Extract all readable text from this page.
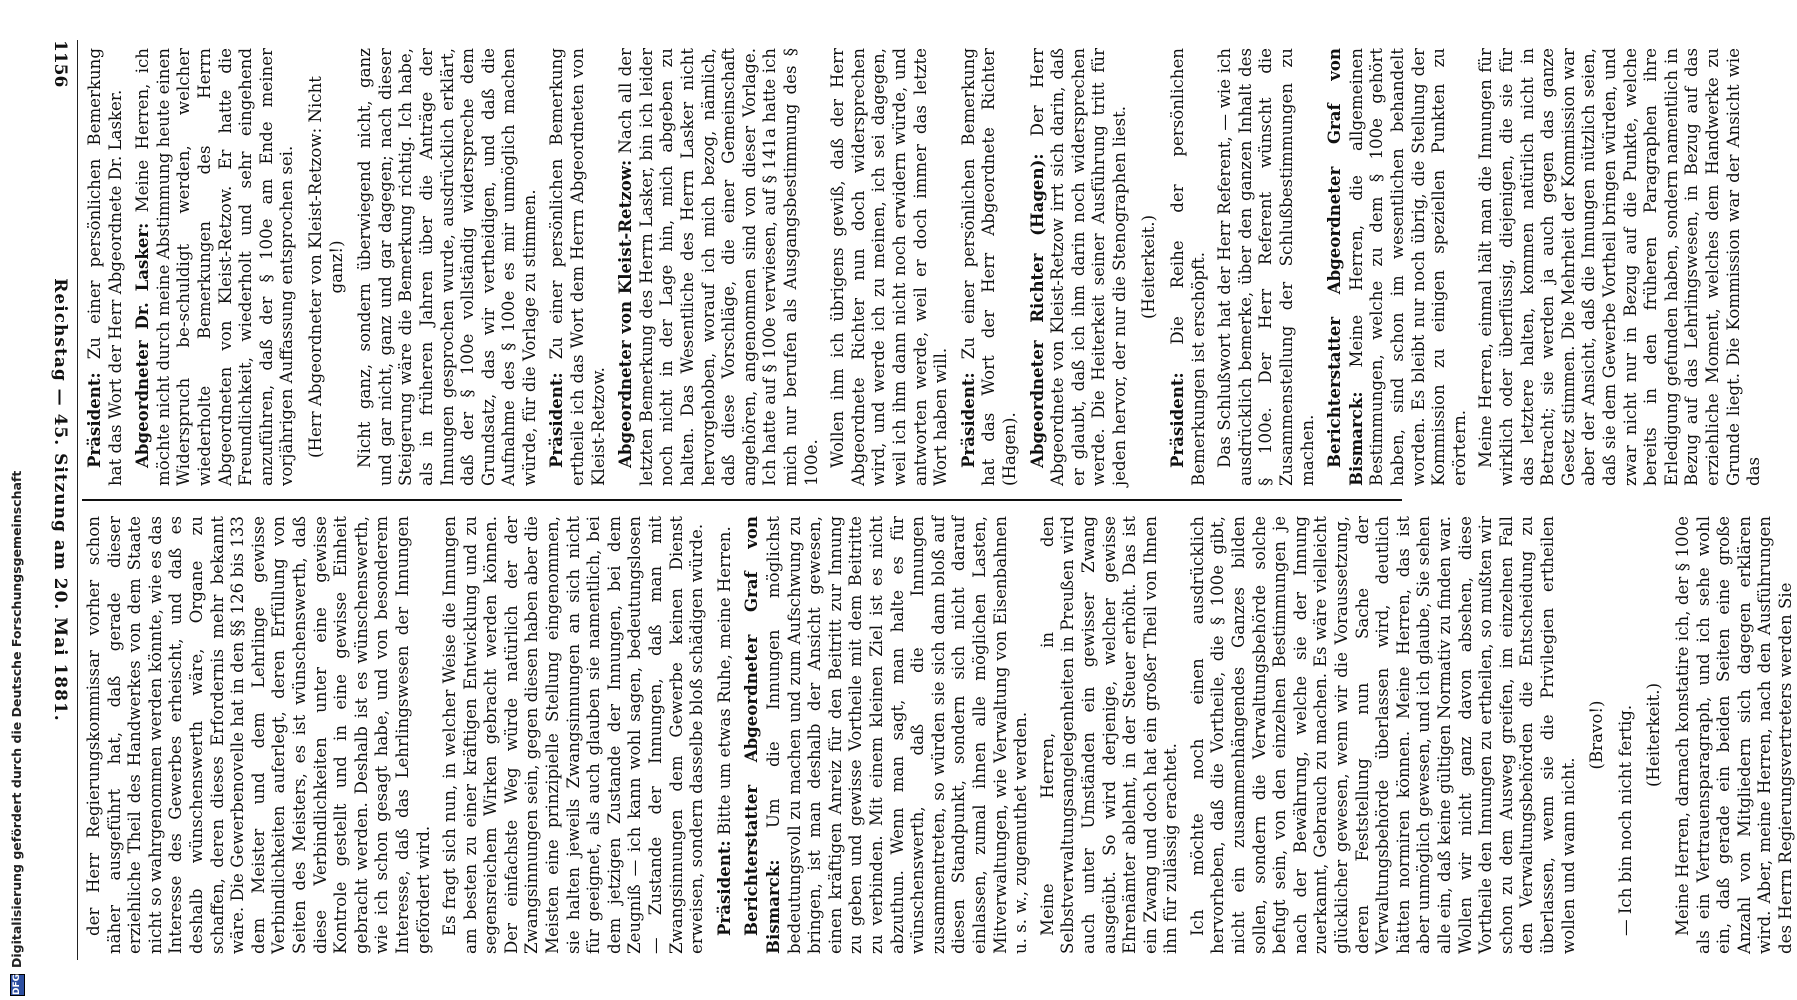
1156
Reichstag — 45. Sitzung am 20. Mai 1881. Präsident: Zu einer persönlichen Bemerkung hat das Wort der Herr Abgeordnete Dr. Lasker. Abgeordneter Dr. Lasker: Meine Herren, ich möchte nicht durch meine Abstimmung heute einen Widerspruch be-schuldigt werden, welcher wiederholte Bemerkungen des Herrn Abgeordneten von Kleist-Retzow. Er hatte die Freundlichkeit, wiederholt und sehr eingehend anzuführen, daß der § 100e am Ende meiner vorjährigen Auffassung entsprochen sei. (Herr Abgeordneter von Kleist-Retzow: Nicht ganz!) Nicht ganz, sondern überwiegend nicht, ganz und gar nicht, ganz und gar dagegen; nach dieser Steigerung wäre die Bemerkung richtig. Ich habe, als in früheren Jahren über die Anträge der Innungen gesprochen wurde, ausdrücklich erklärt, daß der § 100e vollständig widerspreche dem Grundsatz, das wir vertheidigen, und daß die Aufnahme des § 100e es mir unmöglich machen würde, für die Vorlage zu stimmen. Präsident: Zu einer persönlichen Bemerkung ertheile ich das Wort dem Herrn Abgeordneten von Kleist-Retzow. Abgeordneter von Kleist-Retzow: Nach all der letzten Bemerkung des Herrn Lasker, bin ich leider noch nicht in der Lage hin, mich abgeben zu halten. Das Wesentliche des Herrn Lasker nicht hervorgehoben, worauf ich mich bezog, nämlich, daß diese Vorschläge, die einer Gemeinschaft angehören, angenommen sind von dieser Vorlage. Ich hatte auf § 100e verwiesen, auf § 141a hatte ich mich nur berufen als Ausgangsbestimmung des § 100e. Wollen ihm ich übrigens gewiß, daß der Herr Abgeordnete Richter nun doch widersprechen wird, und werde ich zu meinen, ich sei dagegen, weil ich ihm dann nicht noch erwidern würde, und antworten werde, weil er doch immer das letzte Wort haben will. Präsident: Zu einer persönlichen Bemerkung hat das Wort der Herr Abgeordnete Richter (Hagen). Abgeordneter Richter (Hagen): Der Herr Abgeordnete von Kleist-Retzow irrt sich darin, daß er glaubt, daß ich ihm darin noch widersprechen werde. Die Heiterkeit seiner Ausführung tritt für jeden hervor, der nur die Stenographen liest. (Heiterkeit.)

Präsident: Die Reihe der persönlichen Bemerkungen ist erschöpft. Das Schlußwort hat der Herr Referent, — wie ich ausdrücklich bemerke, über den ganzen Inhalt des § 100e. Der Herr Referent wünscht die Zusammenstellung der Schlußbestimmungen zu machen. Berichterstatter Abgeordneter Graf von Bismarck: Meine Herren, die allgemeinen Bestimmungen, welche zu dem § 100e gehört haben, sind schon im wesentlichen behandelt worden. Es bleibt nur noch übrig, die Stellung der Kommission zu einigen speziellen Punkten zu erörtern. Meine Herren, einmal hält man die Innungen für wirklich oder überflüssig, diejenigen, die sie für das letztere halten, kommen natürlich nicht in Betracht; sie werden ja auch gegen das ganze Gesetz stimmen. Die Mehrheit der Kommission war aber der Ansicht, daß die Innungen nützlich seien, daß sie dem Gewerbe Vortheil bringen würden, und zwar nicht nur in Bezug auf die Punkte, welche bereits in den früheren Paragraphen ihre Erledigung gefunden haben, sondern namentlich in Bezug auf das Lehrlingswesen, in Bezug auf das erziehliche Moment, welches dem Handwerke zu Grunde liegt. Die Kommission war der Ansicht wie das

der Herr Regierungskommissar vorher schon näher ausgeführt hat, daß gerade dieser erziehliche Theil des Handwerkes von dem Staate nicht so wahrgenommen werden könnte, wie es das Interesse des Gewerbes erheischt, und daß es deshalb wünschenswerth wäre, Organe zu schaffen, deren dieses Erfordernis mehr bekannt wäre. Die Gewerbenovelle hat in den §§ 126 bis 133 dem Meister und dem Lehrlinge gewisse Verbindlichkeiten auferlegt, deren Erfüllung von Seiten des Meisters, es ist wünschenswerth, daß diese Verbindlichkeiten unter eine gewisse Kontrole gestellt und in eine gewisse Einheit gebracht werden. Deshalb ist es wünschenswerth, wie ich schon gesagt habe, und von besonderem Interesse, daß das Lehrlingswesen der Innungen gefördert wird. Es fragt sich nun, in welcher Weise die Innungen am besten zu einer kräftigen Entwicklung und zu segensreichem Wirken gebracht werden können. Der einfachste Weg würde natürlich der der Zwangsinnungen sein, gegen diesen haben aber die Meisten eine prinzipielle Stellung eingenommen, sie halten jeweils Zwangsinnungen an sich nicht für geeignet, als auch glauben sie namentlich, bei dem jetzigen Zustande der Innungen, bei dem Zeugniß — ich kann wohl sagen, bedeutungslosen — Zustande der Innungen, daß man mit Zwangsinnungen dem Gewerbe keinen Dienst erweisen, sondern dasselbe bloß schädigen würde. Präsident: Bitte um etwas Ruhe, meine Herren. Berichterstatter Abgeordneter Graf von Bismarck: Um die Innungen möglichst bedeutungsvoll zu machen und zum Aufschwung zu bringen, ist man deshalb der Ansicht gewesen, einen kräftigen Anreiz für den Beitritt zur Innung zu geben und gewisse Vortheile mit dem Beitritte zu verbinden. Mit einem kleinen Ziel ist es nicht abzuthun. Wenn man sagt, man halte es für wünschenswerth, daß die Innungen zusammentreten, so würden sie sich dann bloß auf diesen Standpunkt, sondern sich nicht darauf einlassen, zumal ihnen alle möglichen Lasten, Mitverwaltungen, wie Verwaltung von Eisenbahnen u. s. w., zugemuthet werden. Meine Herren, in den Selbstverwaltungsangelegenheiten in Preußen wird auch unter Umständen ein gewisser Zwang ausgeübt. So wird derjenige, welcher gewisse Ehrenämter ablehnt, in der Steuer erhöht. Das ist ein Zwang und doch hat ein großer Theil von Ihnen ihn für zulässig erachtet. Ich möchte noch einen ausdrücklich hervorheben, daß die Vortheile, die § 100e gibt, nicht ein zusammenhängendes Ganzes bilden sollen, sondern die Verwaltungsbehörde solche befugt sein, von den einzelnen Bestimmungen je nach der Bewährung, welche sie der Innung zuerkannt, Gebrauch zu machen. Es wäre vielleicht glücklicher gewesen, wenn wir die Voraussetzung, deren Feststellung nun Sache der Verwaltungsbehörde überlassen wird, deutlich hätten normiren können. Meine Herren, das ist aber unmöglich gewesen, und ich glaube, Sie sehen alle ein, daß keine gültigen Normativ zu finden war. Wollen wir nicht ganz davon absehen, diese Vortheile den Innungen zu ertheilen, so mußten wir schon zu dem Ausweg greifen, im einzelnen Fall den Verwaltungsbehörden die Entscheidung zu überlassen, wenn sie die Privilegien ertheilen wollen und wann nicht.

(Bravo!) — Ich bin noch nicht fertig. (Heiterkeit.) Meine Herren, darnach konstatire ich, der § 100e als ein Vertrauensparagraph, und ich sehe wohl ein, daß gerade ein beiden Seiten eine große Anzahl von Mitgliedern sich dagegen erklären wird. Aber, meine Herren, nach den Ausführungen des Herrn Regierungsvertreters werden Sie

DFGDigitalisierung gefördert durch die Deutsche Forschungsgemeinschaft
